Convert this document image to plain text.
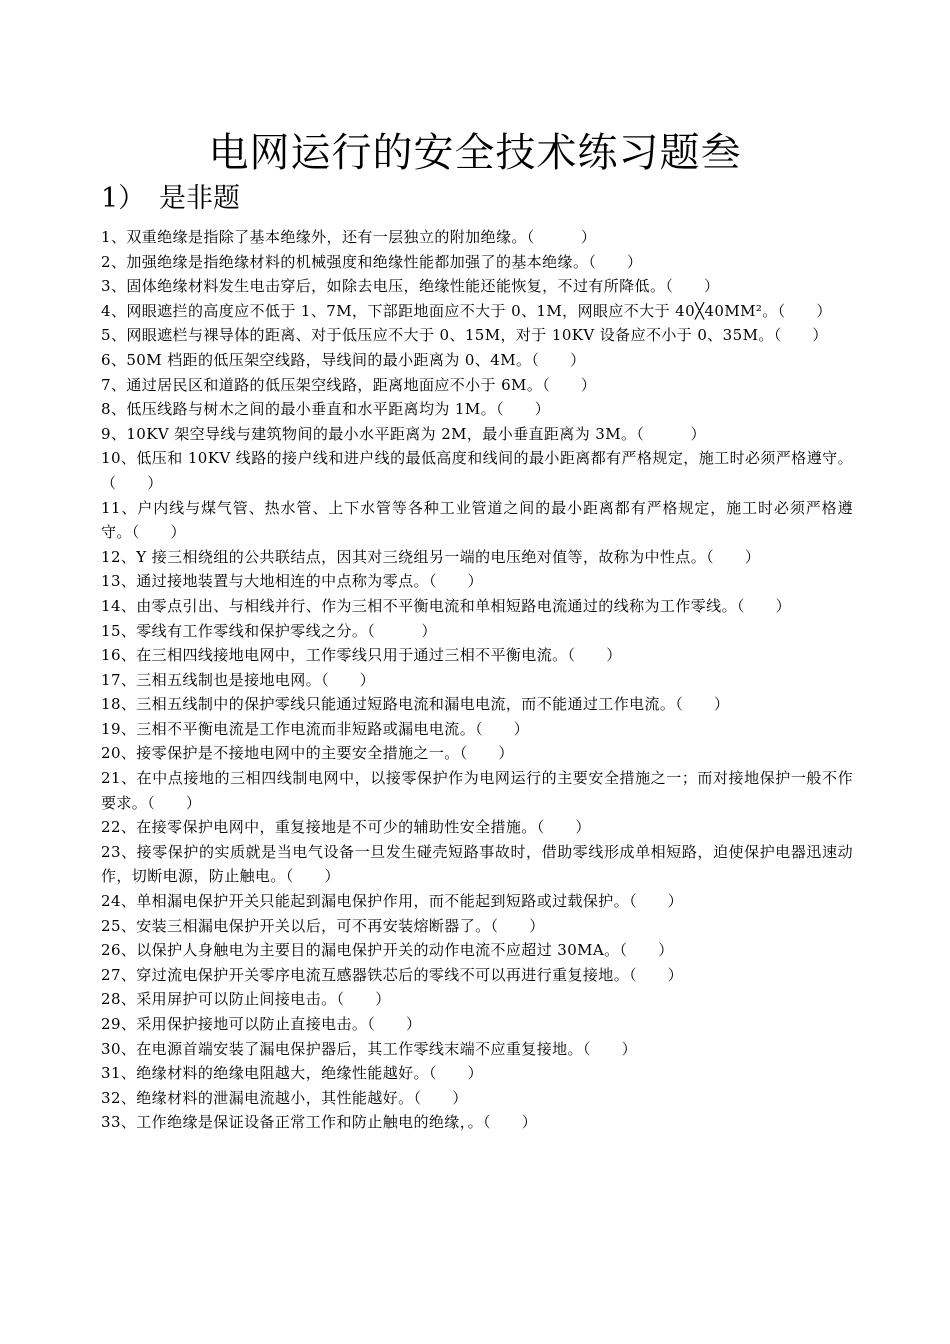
电网运行的安全技术练习题叁
1） 是非题
1、双重绝缘是指除了基本绝缘外，还有一层独立的附加绝缘。（　　　）
2、加强绝缘是指绝缘材料的机械强度和绝缘性能都加强了的基本绝缘。（　　）
3、固体绝缘材料发生电击穿后，如除去电压，绝缘性能还能恢复，不过有所降低。（　　）
4、网眼遮拦的高度应不低于 1、7M，下部距地面应不大于 0、1M，网眼应不大于 40╳40MM²。（　　）
5、网眼遮栏与裸导体的距离、对于低压应不大于 0、15M，对于 10KV 设备应不小于 0、35M。（　　）
6、50M 档距的低压架空线路，导线间的最小距离为 0、4M。（　　）
7、通过居民区和道路的低压架空线路，距离地面应不小于 6M。（　　）
8、低压线路与树木之间的最小垂直和水平距离均为 1M。（　　）
9、10KV 架空导线与建筑物间的最小水平距离为 2M，最小垂直距离为 3M。（　　　）
10、低压和 10KV 线路的接户线和进户线的最低高度和线间的最小距离都有严格规定，施工时必须严格遵守。（　　）
11、户内线与煤气管、热水管、上下水管等各种工业管道之间的最小距离都有严格规定，施工时必须严格遵守。（　　）
12、Y 接三相绕组的公共联结点，因其对三绕组另一端的电压绝对值等，故称为中性点。（　　）
13、通过接地装置与大地相连的中点称为零点。（　　）
14、由零点引出、与相线并行、作为三相不平衡电流和单相短路电流通过的线称为工作零线。（　　）
15、零线有工作零线和保护零线之分。（　　　）
16、在三相四线接地电网中，工作零线只用于通过三相不平衡电流。（　　）
17、三相五线制也是接地电网。（　　）
18、三相五线制中的保护零线只能通过短路电流和漏电电流，而不能通过工作电流。（　　）
19、三相不平衡电流是工作电流而非短路或漏电电流。（　　）
20、接零保护是不接地电网中的主要安全措施之一。（　　）
21、在中点接地的三相四线制电网中，以接零保护作为电网运行的主要安全措施之一；而对接地保护一般不作要求。（　　）
22、在接零保护电网中，重复接地是不可少的辅助性安全措施。（　　）
23、接零保护的实质就是当电气设备一旦发生碰壳短路事故时，借助零线形成单相短路，迫使保护电器迅速动作，切断电源，防止触电。（　　）
24、单相漏电保护开关只能起到漏电保护作用，而不能起到短路或过载保护。（　　）
25、安装三相漏电保护开关以后，可不再安装熔断器了。（　　）
26、以保护人身触电为主要目的漏电保护开关的动作电流不应超过 30MA。（　　）
27、穿过流电保护开关零序电流互感器铁芯后的零线不可以再进行重复接地。（　　）
28、采用屏护可以防止间接电击。（　　）
29、采用保护接地可以防止直接电击。（　　）
30、在电源首端安装了漏电保护器后，其工作零线末端不应重复接地。（　　）
31、绝缘材料的绝缘电阻越大，绝缘性能越好。（　　）
32、绝缘材料的泄漏电流越小，其性能越好。（　　）
33、工作绝缘是保证设备正常工作和防止触电的绝缘，。（　　）
